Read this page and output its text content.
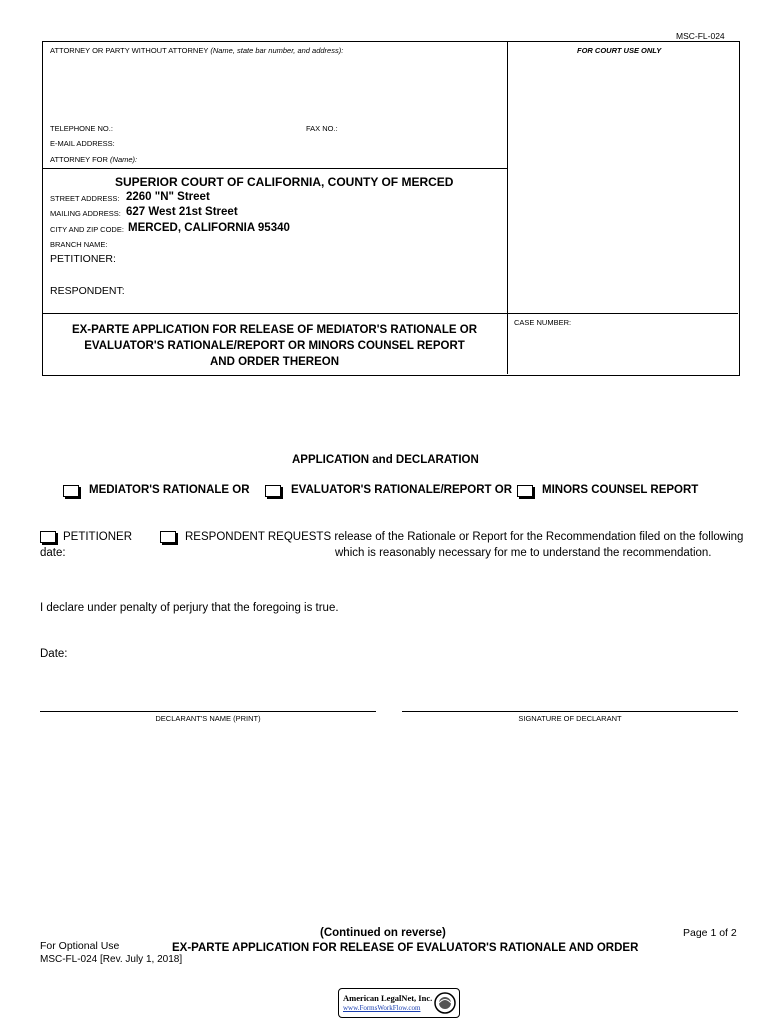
MSC-FL-024
ATTORNEY OR PARTY WITHOUT ATTORNEY (Name, state bar number, and address):	FOR COURT USE ONLY
TELEPHONE NO.:	FAX NO.:
E-MAIL ADDRESS:
ATTORNEY FOR (Name):
SUPERIOR COURT OF CALIFORNIA, COUNTY OF MERCED
STREET ADDRESS: 2260 "N" Street
MAILING ADDRESS: 627 West 21st Street
CITY AND ZIP CODE: MERCED, CALIFORNIA 95340
BRANCH NAME:
PETITIONER:
RESPONDENT:
EX-PARTE APPLICATION FOR RELEASE OF MEDIATOR'S RATIONALE OR
EVALUATOR'S RATIONALE/REPORT OR MINORS COUNSEL REPORT
AND ORDER THEREON
CASE NUMBER:
APPLICATION and DECLARATION
MEDIATOR'S RATIONALE OR	EVALUATOR'S RATIONALE/REPORT OR	MINORS COUNSEL REPORT
PETITIONER	RESPONDENT REQUESTS release of the Rationale or Report for the Recommendation filed on the following
date:	which is reasonably necessary for me to understand the recommendation.
I declare under penalty of perjury that the foregoing is true.
Date:
DECLARANT'S NAME (PRINT)	SIGNATURE OF DECLARANT
(Continued on reverse)	Page 1 of 2
For Optional Use	EX-PARTE APPLICATION FOR RELEASE OF EVALUATOR'S RATIONALE AND ORDER
MSC-FL-024 [Rev. July 1, 2018]
American LegalNet, Inc.
www.FormsWorkFlow.com
